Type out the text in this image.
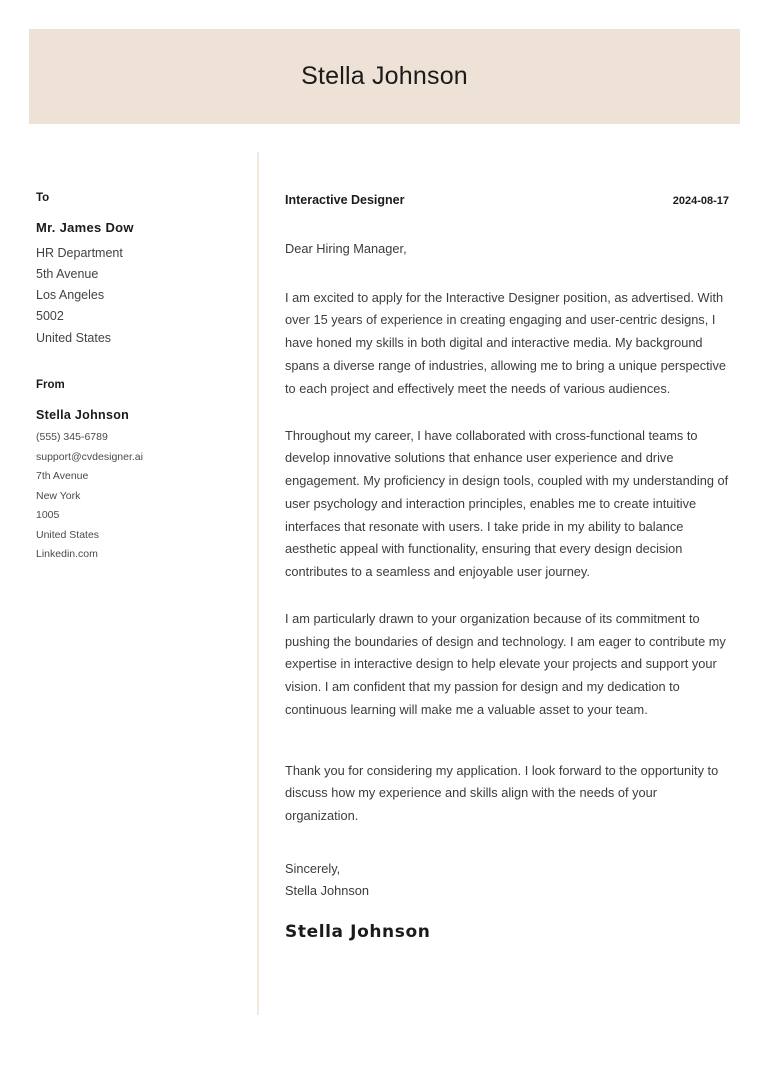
Stella Johnson
To
Mr. James Dow
HR Department
5th Avenue
Los Angeles
5002
United States
From
Stella Johnson
(555) 345-6789
support@cvdesigner.ai
7th Avenue
New York
1005
United States
Linkedin.com
Interactive Designer	2024-08-17
Dear Hiring Manager,

I am excited to apply for the Interactive Designer position, as advertised. With over 15 years of experience in creating engaging and user-centric designs, I have honed my skills in both digital and interactive media. My background spans a diverse range of industries, allowing me to bring a unique perspective to each project and effectively meet the needs of various audiences.

Throughout my career, I have collaborated with cross-functional teams to develop innovative solutions that enhance user experience and drive engagement. My proficiency in design tools, coupled with my understanding of user psychology and interaction principles, enables me to create intuitive interfaces that resonate with users. I take pride in my ability to balance aesthetic appeal with functionality, ensuring that every design decision contributes to a seamless and enjoyable user journey.

I am particularly drawn to your organization because of its commitment to pushing the boundaries of design and technology. I am eager to contribute my expertise in interactive design to help elevate your projects and support your vision. I am confident that my passion for design and my dedication to continuous learning will make me a valuable asset to your team.

Thank you for considering my application. I look forward to the opportunity to discuss how my experience and skills align with the needs of your organization.

Sincerely,
Stella Johnson
Stella Johnson
